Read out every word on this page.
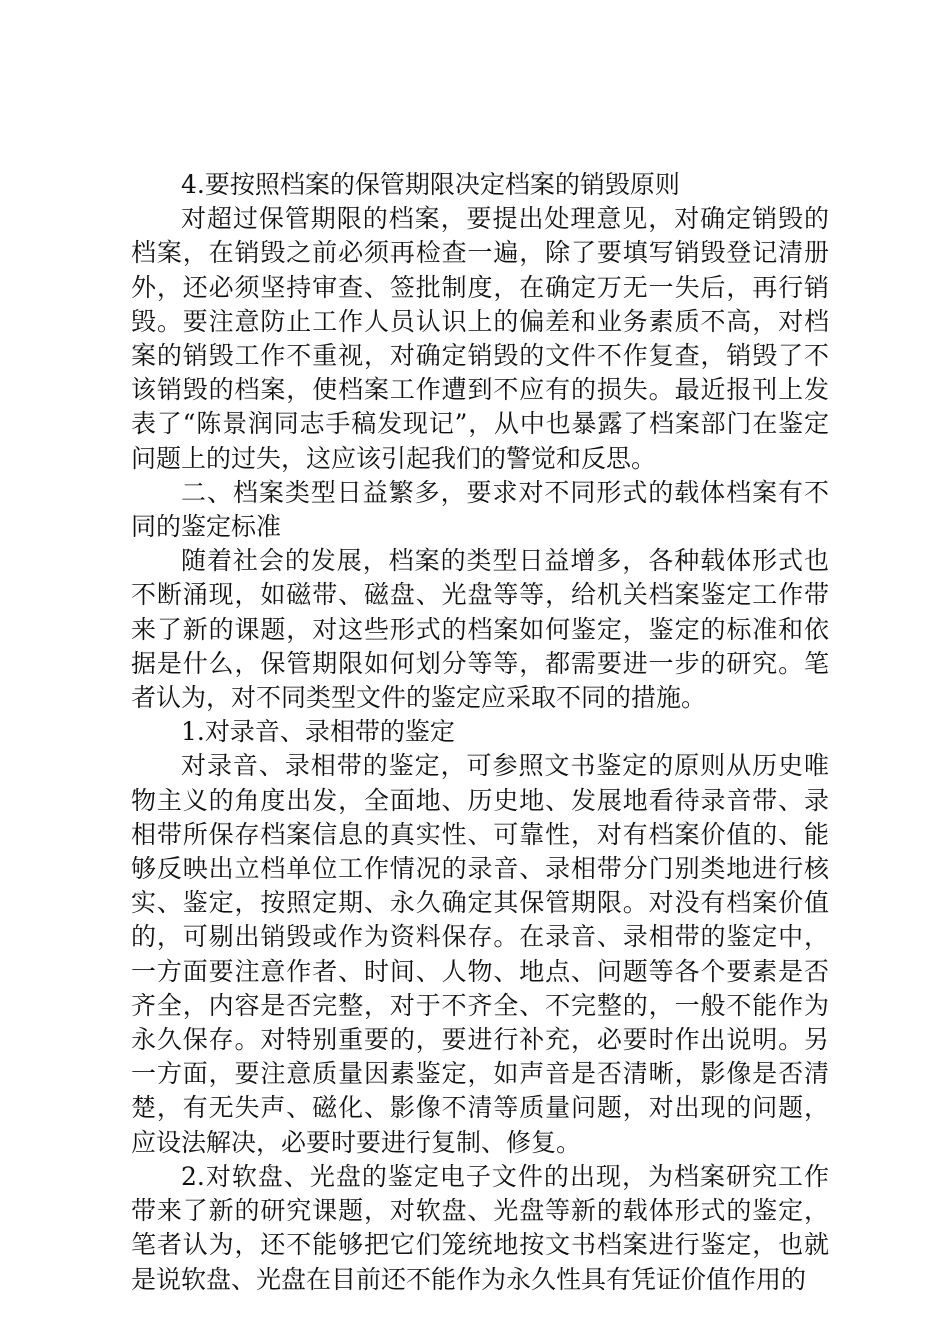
4.要按照档案的保管期限决定档案的销毁原则

对超过保管期限的档案，要提出处理意见，对确定销毁的档案，在销毁之前必须再检查一遍，除了要填写销毁登记清册外，还必须坚持审查、签批制度，在确定万无一失后，再行销毁。要注意防止工作人员认识上的偏差和业务素质不高，对档案的销毁工作不重视，对确定销毁的文件不作复查，销毁了不该销毁的档案，使档案工作遭到不应有的损失。最近报刊上发表了“陈景润同志手稿发现记”，从中也暴露了档案部门在鉴定问题上的过失，这应该引起我们的警觉和反思。

二、档案类型日益繁多，要求对不同形式的载体档案有不同的鉴定标准

随着社会的发展，档案的类型日益增多，各种载体形式也不断涌现，如磁带、磁盘、光盘等等，给机关档案鉴定工作带来了新的课题，对这些形式的档案如何鉴定，鉴定的标准和依据是什么，保管期限如何划分等等，都需要进一步的研究。笔者认为，对不同类型文件的鉴定应采取不同的措施。

1.对录音、录相带的鉴定

对录音、录相带的鉴定，可参照文书鉴定的原则从历史唯物主义的角度出发，全面地、历史地、发展地看待录音带、录相带所保存档案信息的真实性、可靠性，对有档案价值的、能够反映出立档单位工作情况的录音、录相带分门别类地进行核实、鉴定，按照定期、永久确定其保管期限。对没有档案价值的，可剔出销毁或作为资料保存。在录音、录相带的鉴定中，一方面要注意作者、时间、人物、地点、问题等各个要素是否齐全，内容是否完整，对于不齐全、不完整的，一般不能作为永久保存。对特别重要的，要进行补充，必要时作出说明。另一方面，要注意质量因素鉴定，如声音是否清晰，影像是否清楚，有无失声、磁化、影像不清等质量问题，对出现的问题，应设法解决，必要时要进行复制、修复。

2.对软盘、光盘的鉴定电子文件的出现，为档案研究工作带来了新的研究课题，对软盘、光盘等新的载体形式的鉴定，笔者认为，还不能够把它们笼统地按文书档案进行鉴定，也就是说软盘、光盘在目前还不能作为永久性具有凭证价值作用的
